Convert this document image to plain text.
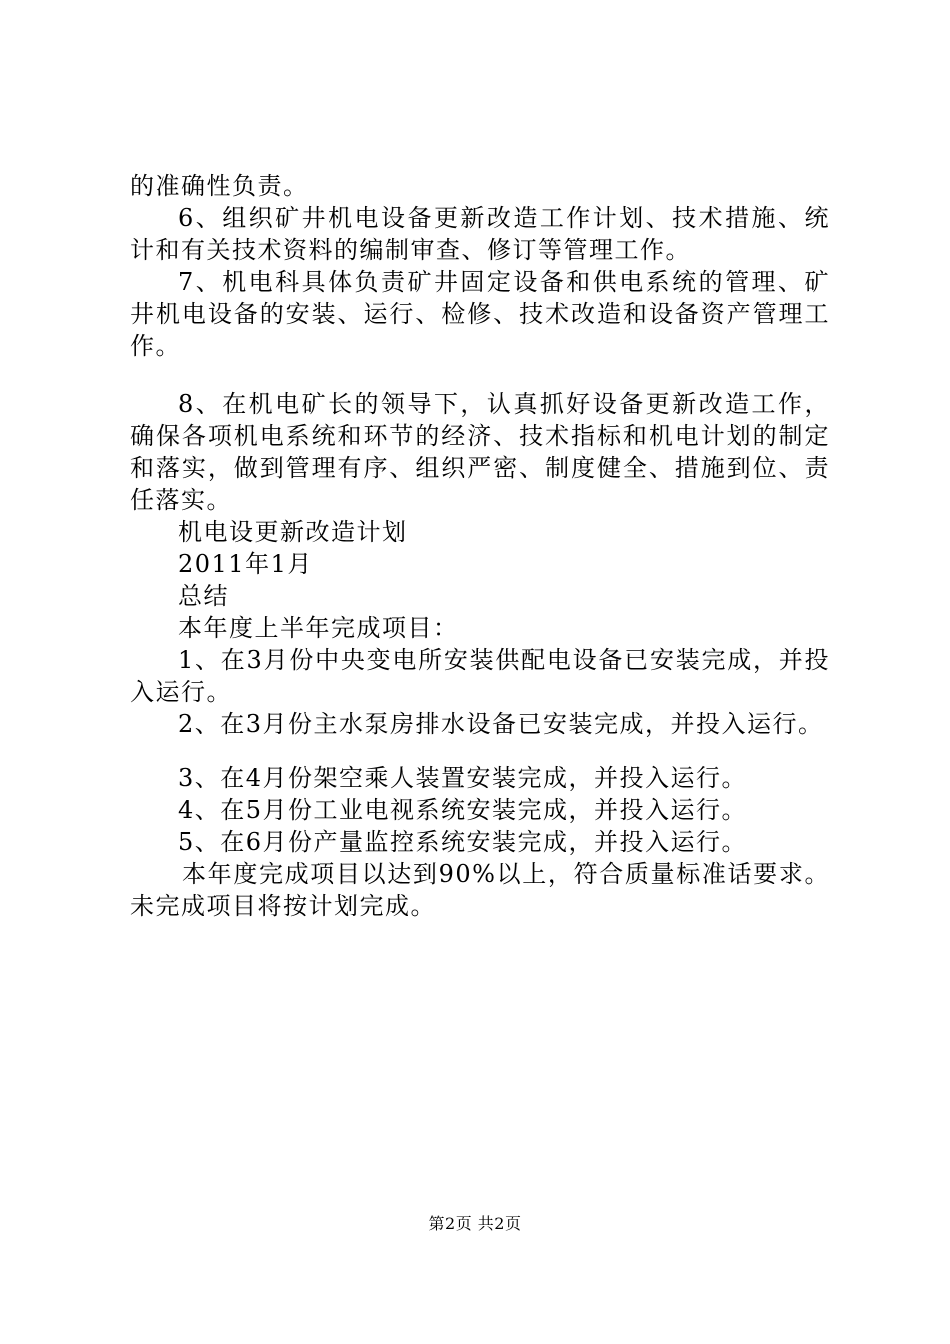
的准确性负责。

6、组织矿井机电设备更新改造工作计划、技术措施、统计和有关技术资料的编制审查、修订等管理工作。

7、机电科具体负责矿井固定设备和供电系统的管理、矿井机电设备的安装、运行、检修、技术改造和设备资产管理工作。

8、在机电矿长的领导下，认真抓好设备更新改造工作，确保各项机电系统和环节的经济、技术指标和机电计划的制定和落实，做到管理有序、组织严密、制度健全、措施到位、责任落实。

机电设更新改造计划

2011年1月

总结

本年度上半年完成项目：

1、在3月份中央变电所安装供配电设备已安装完成，并投入运行。

2、在3月份主水泵房排水设备已安装完成，并投入运行。

3、在4月份架空乘人装置安装完成，并投入运行。

4、在5月份工业电视系统安装完成，并投入运行。

5、在6月份产量监控系统安装完成，并投入运行。

本年度完成项目以达到90%以上，符合质量标准话要求。未完成项目将按计划完成。

第2页 共2页
